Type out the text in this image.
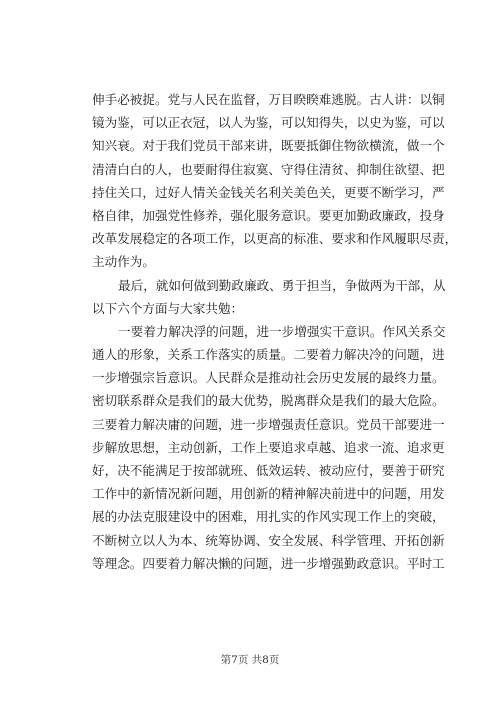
伸手必被捉。党与人民在监督，万目睽睽难逃脱。古人讲：以铜
镜为鉴，可以正衣冠，以人为鉴，可以知得失，以史为鉴，可以
知兴衰。对于我们党员干部来讲，既要抵御住物欲横流，做一个
清清白白的人，也要耐得住寂寞、守得住清贫、抑制住欲望、把
持住关口，过好人情关金钱关名利关美色关，更要不断学习，严
格自律，加强党性修养，强化服务意识。要更加勤政廉政，投身
改革发展稳定的各项工作，以更高的标准、要求和作风履职尽责，
主动作为。
最后，就如何做到勤政廉政、勇于担当，争做两为干部，从
以下六个方面与大家共勉：
一要着力解决浮的问题，进一步增强实干意识。作风关系交
通人的形象，关系工作落实的质量。二要着力解决冷的问题，进
一步增强宗旨意识。人民群众是推动社会历史发展的最终力量。
密切联系群众是我们的最大优势，脱离群众是我们的最大危险。
三要着力解决庸的问题，进一步增强责任意识。党员干部要进一
步解放思想，主动创新，工作上要追求卓越、追求一流、追求更
好，决不能满足于按部就班、低效运转、被动应付，要善于研究
工作中的新情况新问题，用创新的精神解决前进中的问题，用发
展的办法克服建设中的困难，用扎实的作风实现工作上的突破，
不断树立以人为本、统筹协调、安全发展、科学管理、开拓创新
等理念。四要着力解决懒的问题，进一步增强勤政意识。平时工
第7页 共8页
